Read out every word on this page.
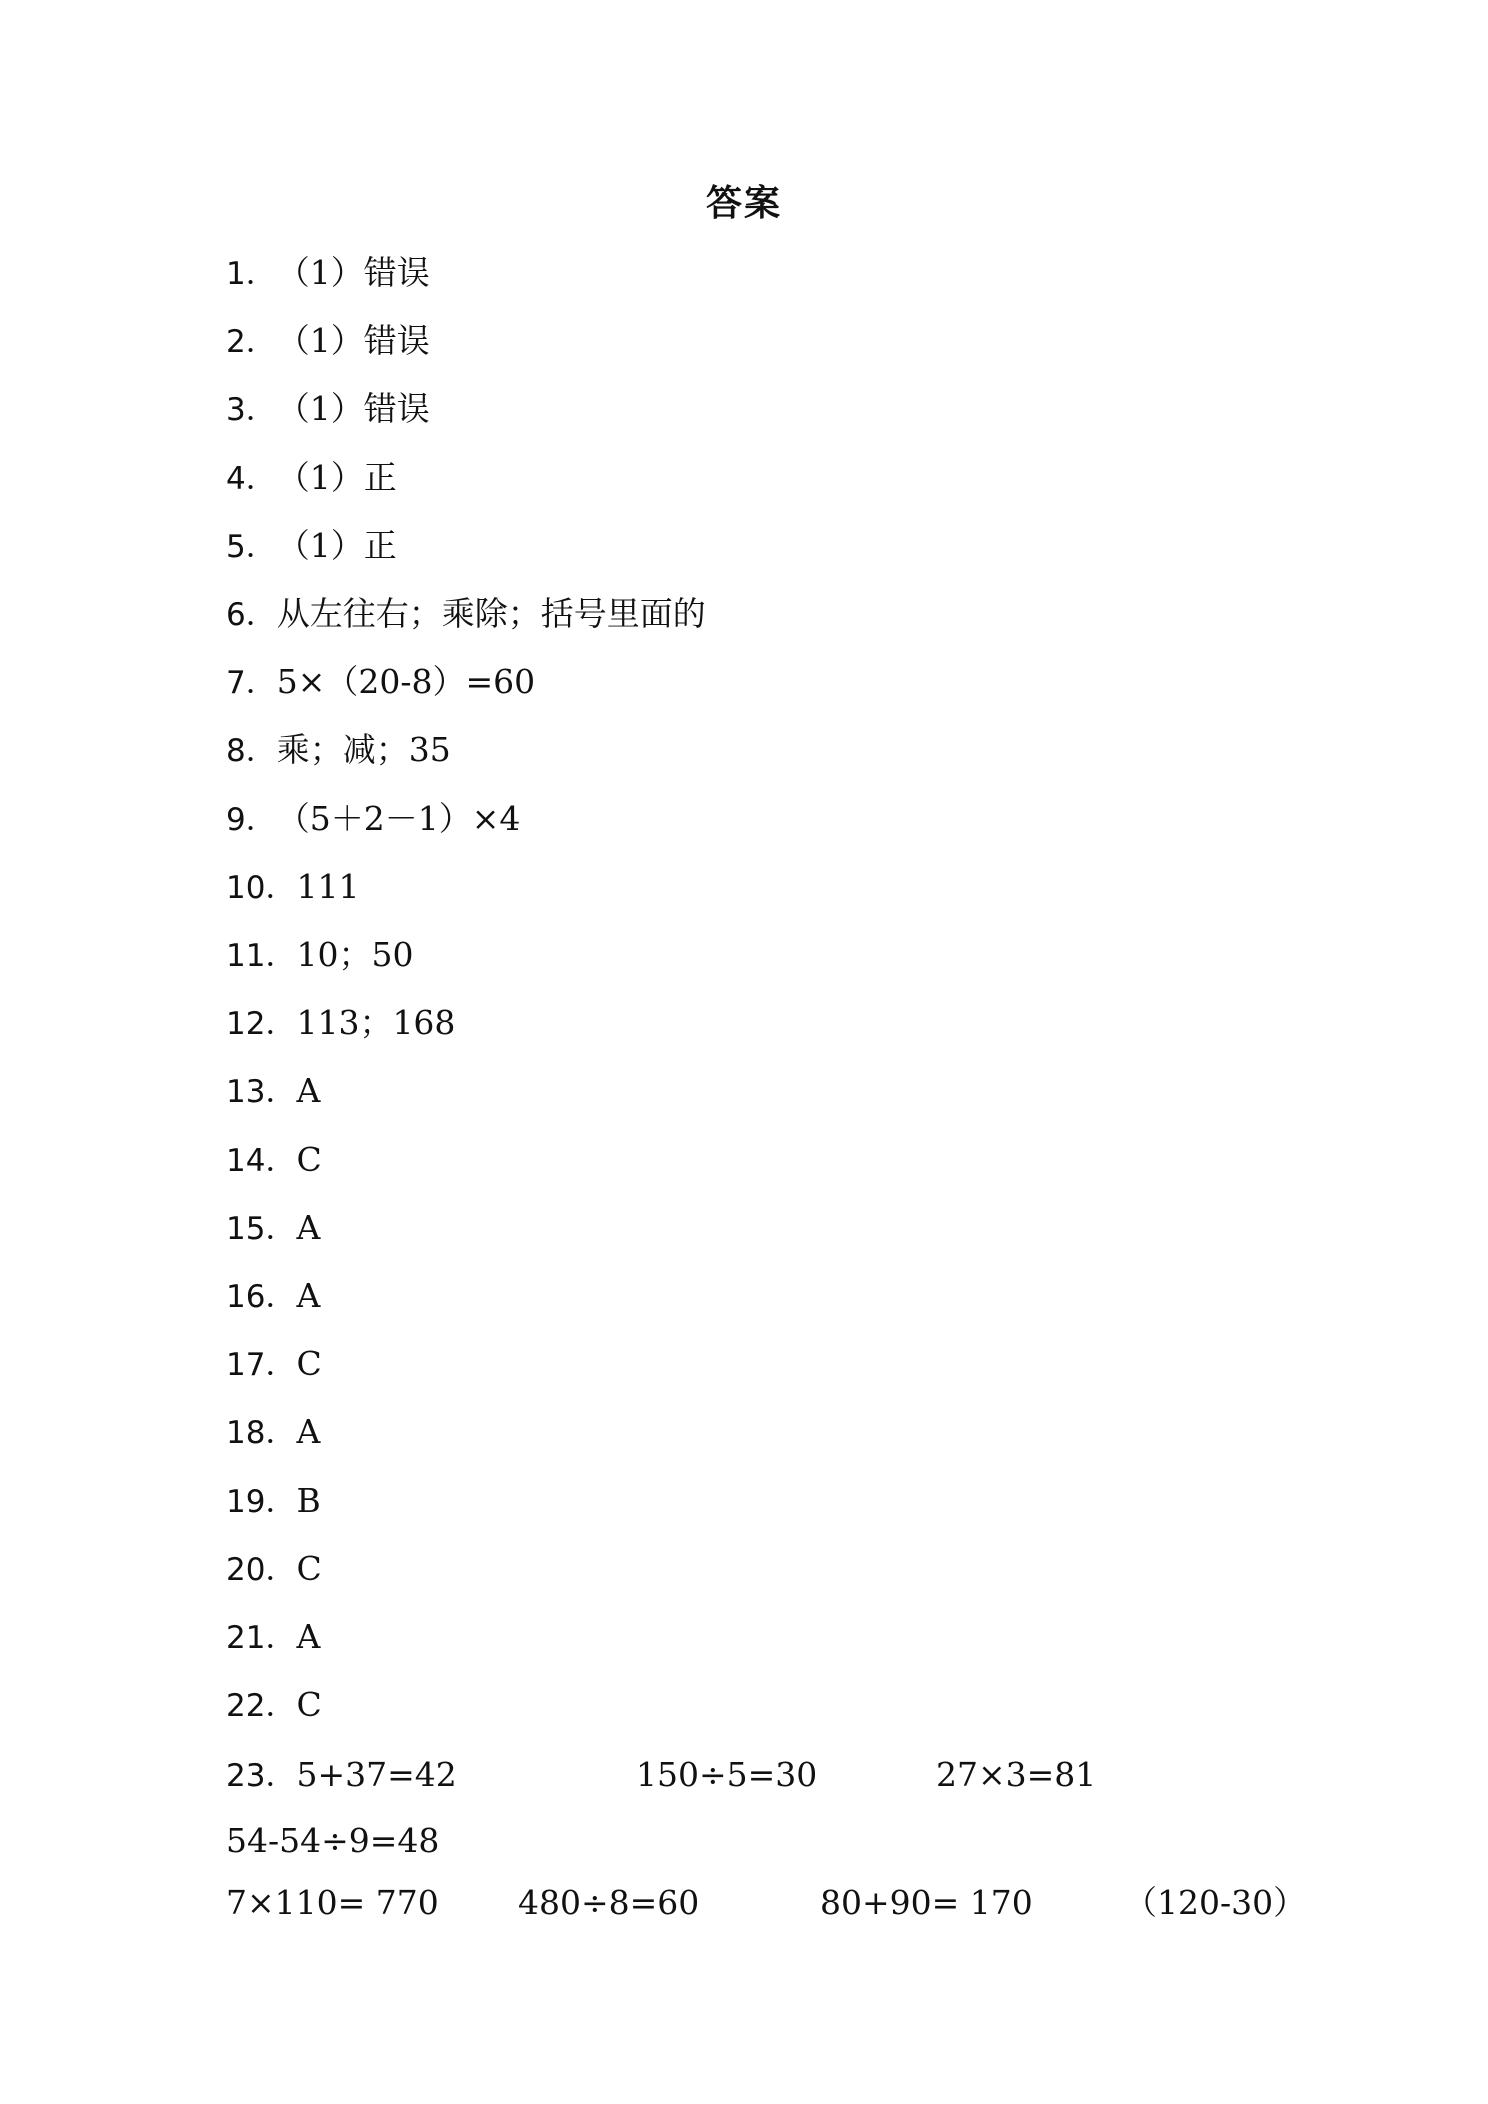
答案
1．（1）错误
2．（1）错误
3．（1）错误
4．（1）正
5．（1）正
6．从左往右；乘除；括号里面的
7．5×（20-8）=60
8．乘；减；35
9．（5＋2－1）×4
10．111
11．10；50
12．113；168
13．A
14．C
15．A
16．A
17．C
18．A
19．B
20．C
21．A
22．C
23．5+37=42	150÷5=30	27×3=81
54-54÷9=48
7×110= 770 480÷8=60	80+90= 170	（120-30）
